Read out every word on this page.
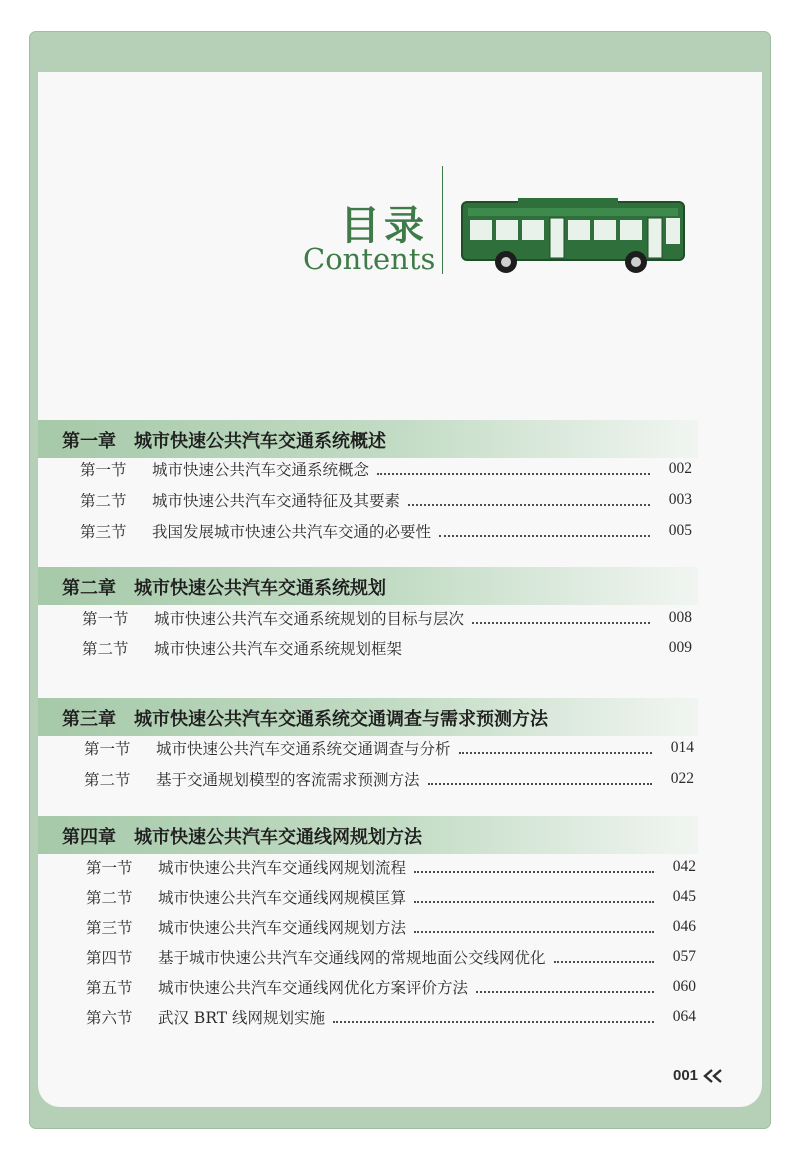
目录
Contents
第一章 城市快速公共汽车交通系统概述
第一节	城市快速公共汽车交通系统概念	002
第二节	城市快速公共汽车交通特征及其要素	003
第三节	我国发展城市快速公共汽车交通的必要性	005
第二章 城市快速公共汽车交通系统规划
第一节	城市快速公共汽车交通系统规划的目标与层次	008
第二节	城市快速公共汽车交通系统规划框架	009
第三章 城市快速公共汽车交通系统交通调查与需求预测方法
第一节	城市快速公共汽车交通系统交通调查与分析	014
第二节	基于交通规划模型的客流需求预测方法	022
第四章 城市快速公共汽车交通线网规划方法
第一节	城市快速公共汽车交通线网规划流程	042
第二节	城市快速公共汽车交通线网规模匡算	045
第三节	城市快速公共汽车交通线网规划方法	046
第四节	基于城市快速公共汽车交通线网的常规地面公交线网优化	057
第五节	城市快速公共汽车交通线网优化方案评价方法	060
第六节	武汉 BRT 线网规划实施	064
001
